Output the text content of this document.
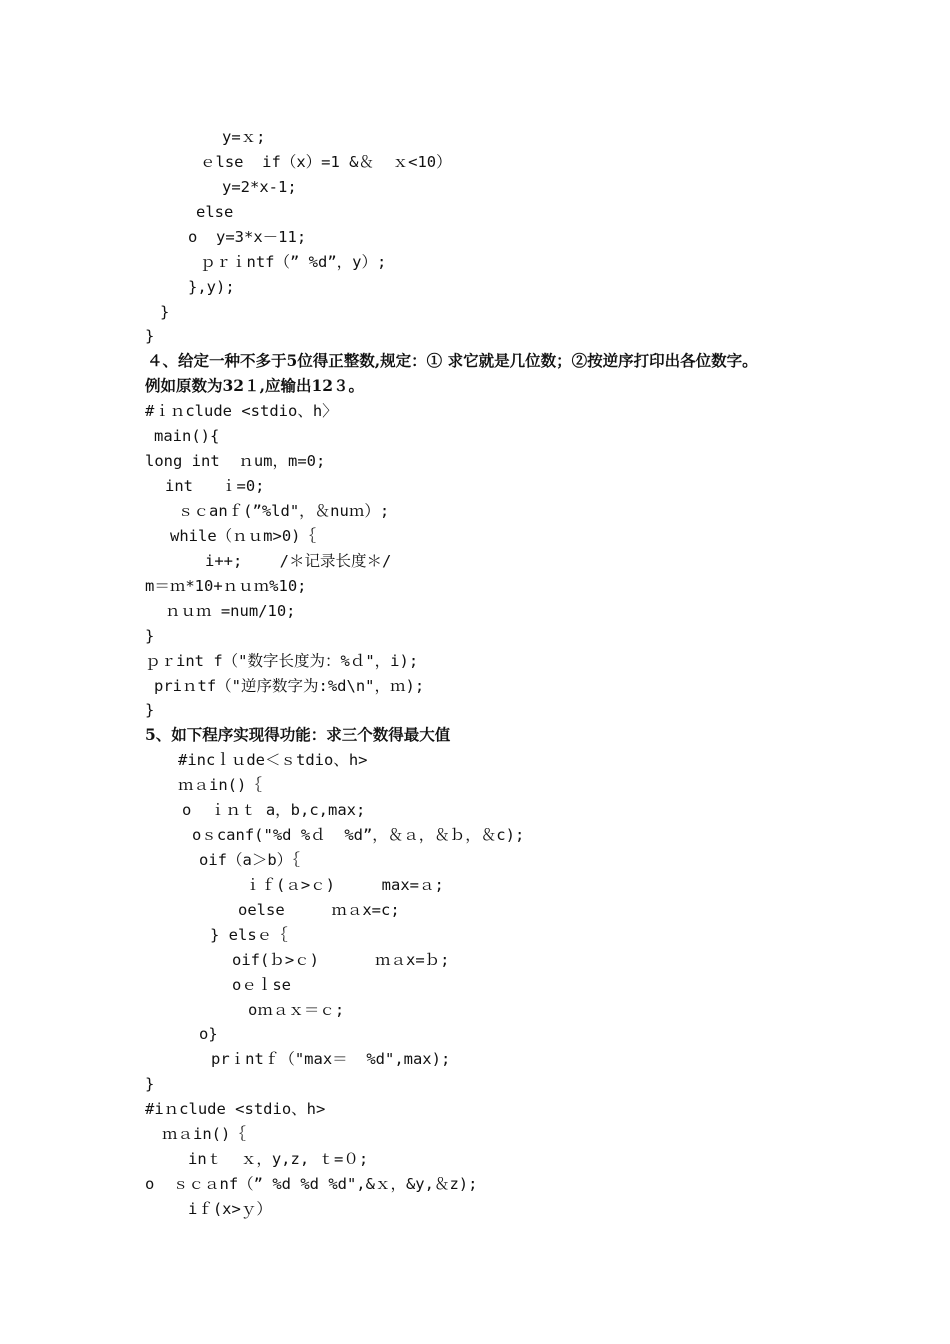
y=ｘ;
ｅlse  if（x）=1 &＆  ｘ<10）
y=2*x-1;
else
o  y=3*x－11;
ｐｒｉntf（” %d”，y）;
},y);
}
}
４、给定一种不多于5位得正整数,规定：① 求它就是几位数；②按逆序打印出各位数字。
例如原数为32１,应输出12３。
#ｉｎclude <stdio、h〉
main(){
long int  ｎum，m=0;
int   ｉ=0;
ｓｃanｆ(”%ld"，＆nuｍ）;
while（ｎｕm>0)｛
i++;    /＊记录长度＊/
m＝ｍ*10+ｎｕｍ%10;
ｎｕｍ =num/10;
}
ｐｒint f（"数字长度为：%ｄ"，i);
priｎtf（"逆序数字为:%d\n"，ｍ);
}
5、如下程序实现得功能：求三个数得最大值
#incｌｕde＜ｓtdio、h>
ｍａin()｛
o  ｉｎｔ a，b,c,max;
oｓcanf("%d %ｄ  %d”，＆ａ，＆ｂ，＆c);
oif（a＞b）｛
ｉｆ(ａ>ｃ)     max=ａ;
oelse     ｍａx=c;
} elsｅ｛
oif(ｂ>ｃ)      ｍａx=ｂ;
oｅｌse
oｍａｘ＝ｃ;
o}
prｉntｆ（"max＝  %d",max);
}
#iｎclude <stdio、h>
ｍａin()｛
inｔ  ｘ，y,z, ｔ=０;
o  ｓｃａnf（” %d %d %d",&ｘ，&y,＆z);
iｆ(x>ｙ）
